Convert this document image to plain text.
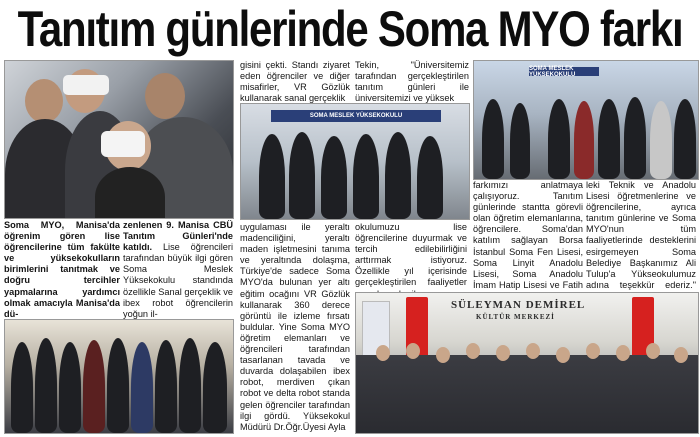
Tanıtım günlerinde Soma MYO farkı

Soma MYO, Manisa'da öğrenim gören lise öğrencilerine tüm fakülte ve yüksekokulların birimlerini tanıtmak ve doğru tercihler yapmalarına yardımcı olmak amacıyla Manisa'da dü-

zenlenen 9. Manisa CBÜ Tanıtım Günleri'nde katıldı. Lise öğrencileri tarafından büyük ilgi gören Soma Meslek Yüksekokulu standında özellikle Sanal gerçeklik ve ibex robot öğrencilerin yoğun il-

gisini çekti. Standı ziyaret eden öğrenciler ve diğer misafirler, VR Gözlük kullanarak sanal gerçeklik

Tekin, "Üniversitemiz tarafından gerçekleştirilen tanıtım günleri ile üniversitemizi ve yüksek

SOMA MESLEK YÜKSEKOKULU
SOMA MESLEK YÜKSEKOKULU

uygulaması ile yeraltı madenciliğini, yeraltı maden işletmesini tanıma ve yeraltında dolaşma, Türkiye'de sadece Soma MYO'da bulunan yer altı eğitim ocağını VR Gözlük kullanarak 360 derece görüntü ile izleme fırsatı buldular. Yine Soma MYO öğretim elemanları ve öğrencileri tarafından tasarlanan tavada ve duvarda dolaşabilen ibex robot, merdiven çıkan robot ve delta robot standa gelen öğrenciler tarafından ilgi gördü. Yüksekokul Müdürü Dr.Öğr.Üyesi Ayla

okulumuzu lise öğrencilerine duyurmak ve tercih edilebilirliğini arttırmak istiyoruz. Özellikle yıl içerisinde gerçekleştirilen faaliyetler

farkımızı anlatmaya çalışıyoruz. Tanıtım günlerinde stantta görevli olan öğretim elemanlarına, öğrencilere. Soma'dan katılım sağlayan Borsa İstanbul Soma Fen Lisesi, Soma Linyit Anadolu Lisesi, Soma Anadolu İmam Hatip Lisesi ve Fatih

leki Teknik ve Anadolu Lisesi öğretmenlerine ve öğrencilerine, ayrıca tanıtım günlerine ve Soma MYO'nun tüm faaliyetlerinde desteklerini esirgemeyen Soma Belediye Başkanımız Ali Tulup'a Yükseokulumuz adına teşekkür ederiz."

SÜLEYMAN DEMİREL
KÜLTÜR MERKEZİ
